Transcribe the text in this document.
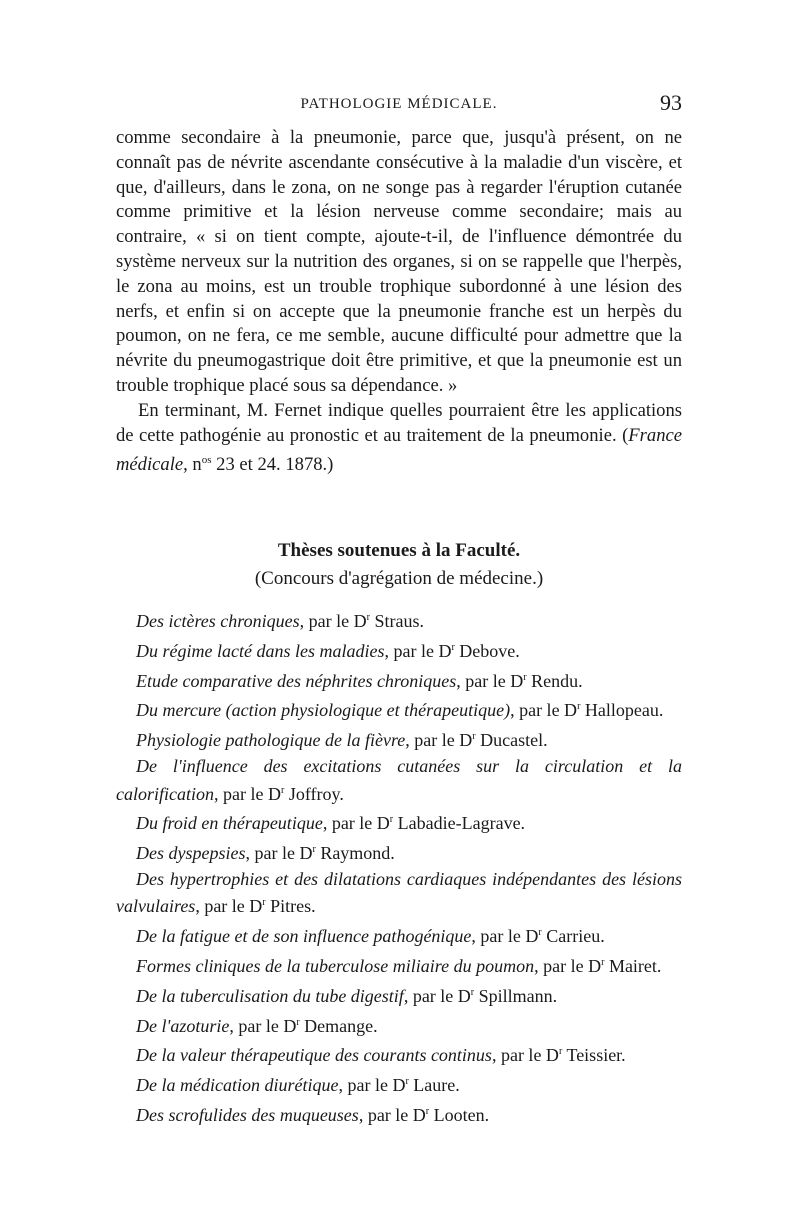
PATHOLOGIE MÉDICALE.	93

comme secondaire à la pneumonie, parce que, jusqu'à présent, on ne connaît pas de névrite ascendante consécutive à la maladie d'un viscère, et que, d'ailleurs, dans le zona, on ne songe pas à regarder l'éruption cutanée comme primitive et la lésion nerveuse comme secondaire; mais au contraire, « si on tient compte, ajoute-t-il, de l'influence démontrée du système nerveux sur la nutrition des organes, si on se rappelle que l'herpès, le zona au moins, est un trouble trophique subordonné à une lésion des nerfs, et enfin si on accepte que la pneumonie franche est un herpès du poumon, on ne fera, ce me semble, aucune difficulté pour admettre que la névrite du pneumogastrique doit être primitive, et que la pneumonie est un trouble trophique placé sous sa dépendance. »

En terminant, M. Fernet indique quelles pourraient être les applications de cette pathogénie au pronostic et au traitement de la pneumonie. (France médicale, $n^{os}$ 23 et 24. 1878.)

Thèses soutenues à la Faculté.
(Concours d'agrégation de médecine.)

Des ictères chroniques, par le $D^r$ Straus.

Du régime lacté dans les maladies, par le $D^r$ Debove.

Etude comparative des néphrites chroniques, par le $D^r$ Rendu.

Du mercure (action physiologique et thérapeutique), par le $D^r$ Hallopeau.

Physiologie pathologique de la fièvre, par le $D^r$ Ducastel.

De l'influence des excitations cutanées sur la circulation et la calorification, par le $D^r$ Joffroy.

Du froid en thérapeutique, par le $D^r$ Labadie-Lagrave.

Des dyspepsies, par le $D^r$ Raymond.

Des hypertrophies et des dilatations cardiaques indépendantes des lésions valvulaires, par le $D^r$ Pitres.

De la fatigue et de son influence pathogénique, par le $D^r$ Carrieu.

Formes cliniques de la tuberculose miliaire du poumon, par le $D^r$ Mairet.

De la tuberculisation du tube digestif, par le $D^r$ Spillmann.

De l'azoturie, par le $D^r$ Demange.

De la valeur thérapeutique des courants continus, par le $D^r$ Teissier.

De la médication diurétique, par le $D^r$ Laure.

Des scrofulides des muqueuses, par le $D^r$ Looten.
